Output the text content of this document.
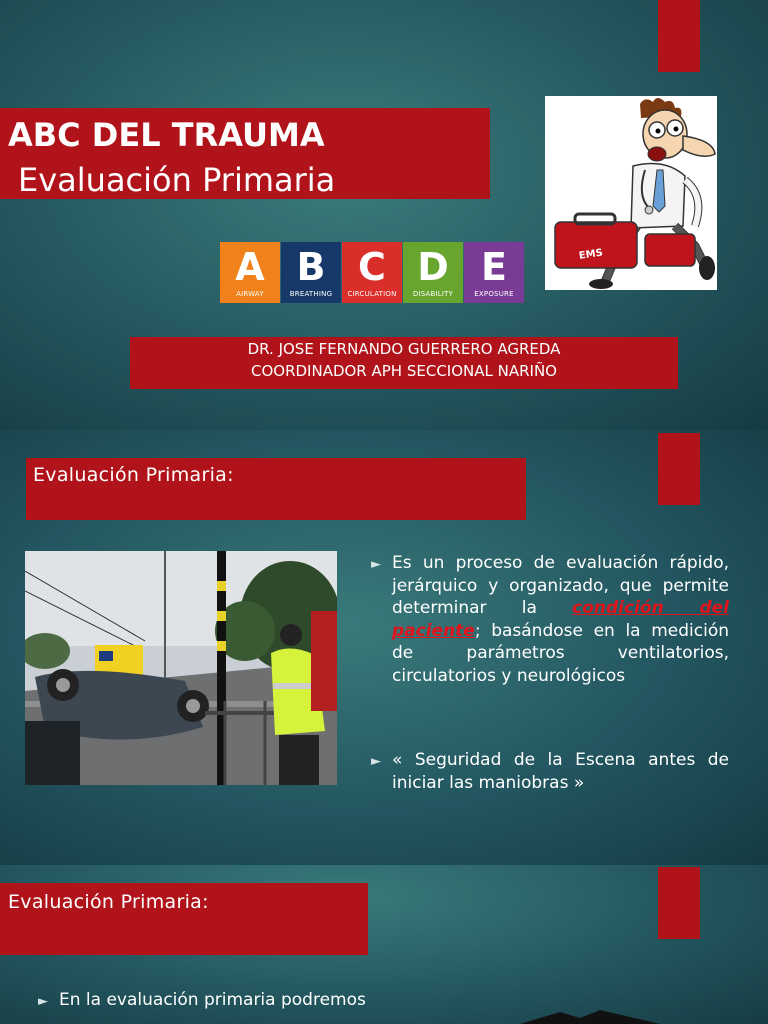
ABC DEL TRAUMA
Evaluación Primaria
EMS
A
AIRWAY
B
BREATHING
C
CIRCULATION
D
DISABILITY
E
EXPOSURE
DR. JOSE FERNANDO GUERRERO AGREDA
COORDINADOR APH SECCIONAL NARIÑO
Evaluación Primaria:
► Es un proceso de evaluación rápido, jerárquico y organizado, que permite determinar la condición del paciente; basándose en la medición de parámetros ventilatorios, circulatorios y neurológicos
► « Seguridad de la Escena antes de iniciar las maniobras »
Evaluación Primaria:
► En la evaluación primaria podremos
